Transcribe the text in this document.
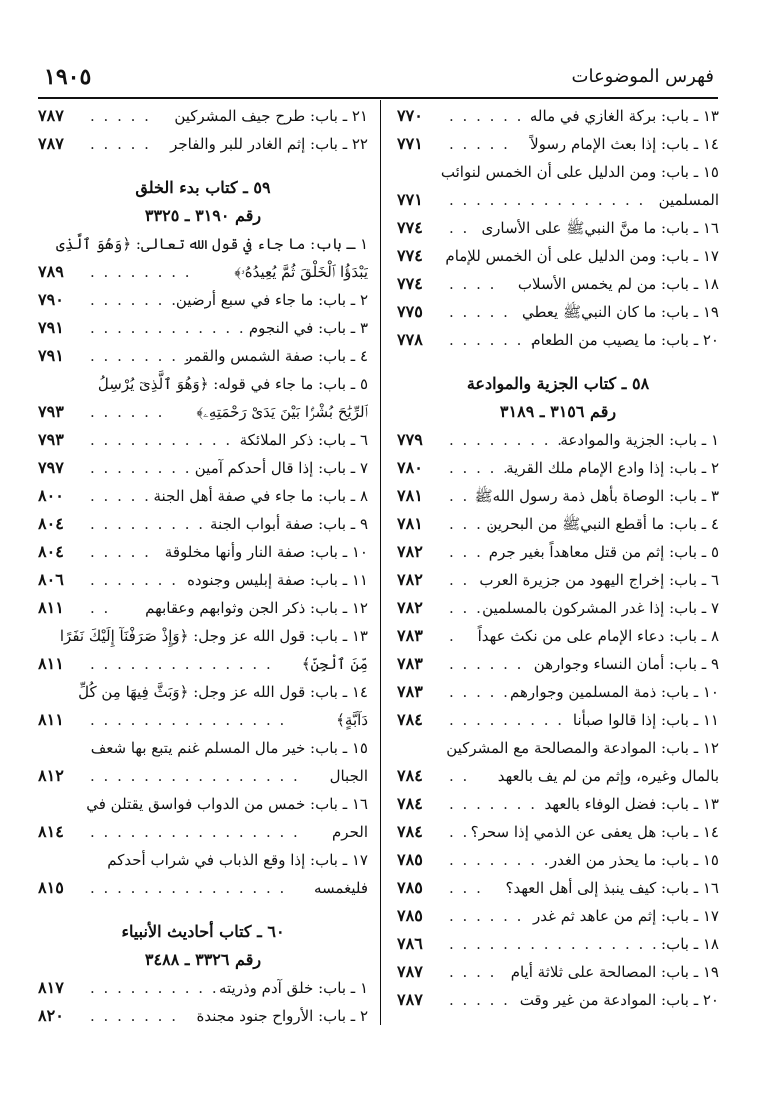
فهرس الموضوعات
١٩٠٥
١٣ ـ باب: بركة الغازي في ماله
. . . . . . .
٧٧٠
١٤ ـ باب: إذا بعث الإمام رسولاً
. . . . .
٧٧١
١٥ ـ باب: ومن الدليل على أن الخمس لنوائب
المسلمين
. . . . . . . . . . . . . . .
٧٧١
١٦ ـ باب: ما منَّ النبيﷺ على الأسارى
. .
٧٧٤
١٧ ـ باب: ومن الدليل على أن الخمس للإمام
٧٧٤
١٨ ـ باب: من لم يخمس الأسلاب
. . . .
٧٧٤
١٩ ـ باب: ما كان النبيﷺ يعطي
. . . . .
٧٧٥
٢٠ ـ باب: ما يصيب من الطعام
. . . . . . .
٧٧٨
٥٨ ـ كتاب الجزية والموادعة
رقم ٣١٥٦ ـ ٣١٨٩
١ ـ باب: الجزية والموادعة
. . . . . . . . .
٧٧٩
٢ ـ باب: إذا وادع الإمام ملك القرية
. . . . .
٧٨٠
٣ ـ باب: الوصاة بأهل ذمة رسول اللهﷺ
. . .
٧٨١
٤ ـ باب: ما أقطع النبيﷺ من البحرين
. . . .
٧٨١
٥ ـ باب: إثم من قتل معاهداً بغير جرم
. . .
٧٨٢
٦ ـ باب: إخراج اليهود من جزيرة العرب
. .
٧٨٢
٧ ـ باب: إذا غدر المشركون بالمسلمين
. . .
٧٨٢
٨ ـ باب: دعاء الإمام على من نكث عهداً
.
٧٨٣
٩ ـ باب: أمان النساء وجوارهن
. . . . . .
٧٨٣
١٠ ـ باب: ذمة المسلمين وجوارهم
. . . . .
٧٨٣
١١ ـ باب: إذا قالوا صبأنا
. . . . . . . . .
٧٨٤
١٢ ـ باب: الموادعة والمصالحة مع المشركين
بالمال وغيره، وإثم من لم يف بالعهد
. .
٧٨٤
١٣ ـ باب: فضل الوفاء بالعهد
. . . . . . .
٧٨٤
١٤ ـ باب: هل يعفى عن الذمي إذا سحر؟
. .
٧٨٤
١٥ ـ باب: ما يحذر من الغدر
. . . . . . . .
٧٨٥
١٦ ـ باب: كيف ينبذ إلى أهل العهد؟
. . .
٧٨٥
١٧ ـ باب: إثم من عاهد ثم غدر
. . . . . .
٧٨٥
١٨ ـ باب:
. . . . . . . . . . . . . . . .
٧٨٦
١٩ ـ باب: المصالحة على ثلاثة أيام
. . . .
٧٨٧
٢٠ ـ باب: الموادعة من غير وقت
. . . . .
٧٨٧
٢١ ـ باب: طرح جيف المشركين
. . . . .
٧٨٧
٢٢ ـ باب: إثم الغادر للبر والفاجر
. . . . .
٧٨٧
٥٩ ـ كتاب بدء الخلق
رقم ٣١٩٠ ـ ٣٣٢٥
١ ـ باب: ما جاء في قول الله تعالى: ﴿وَهُوَ ٱلَّذِى
يَبْدَؤُا ٱلْخَلْقَ ثُمَّ يُعِيدُهُۥ﴾
. . . . . . . .
٧٨٩
٢ ـ باب: ما جاء في سبع أرضين
. . . . . . .
٧٩٠
٣ ـ باب: في النجوم
. . . . . . . . . . . . .
٧٩١
٤ ـ باب: صفة الشمس والقمر
. . . . . . . .
٧٩١
٥ ـ باب: ما جاء في قوله: ﴿وَهُوَ ٱلَّذِىٓ يُرْسِلُ
ٱلرِّيَٰحَ بُشْرًۢا بَيْنَ يَدَىْ رَحْمَتِهِۦ﴾
. . . . . .
٧٩٣
٦ ـ باب: ذكر الملائكة
. . . . . . . . . . .
٧٩٣
٧ ـ باب: إذا قال أحدكم آمين
. . . . . . . .
٧٩٧
٨ ـ باب: ما جاء في صفة أهل الجنة
. . . . .
٨٠٠
٩ ـ باب: صفة أبواب الجنة
. . . . . . . . .
٨٠٤
١٠ ـ باب: صفة النار وأنها مخلوقة
. . . . .
٨٠٤
١١ ـ باب: صفة إبليس وجنوده
. . . . . . .
٨٠٦
١٢ ـ باب: ذكر الجن وثوابهم وعقابهم
. .
٨١١
١٣ ـ باب: قول الله عز وجل: ﴿وَإِذْ صَرَفْنَآ إِلَيْكَ نَفَرًا
مِّنَ ٱلْجِنِّ﴾
. . . . . . . . . . . . . .
٨١١
١٤ ـ باب: قول الله عز وجل: ﴿وَبَثَّ فِيهَا مِن كُلِّ
دَآبَّةٍ﴾
. . . . . . . . . . . . . . .
٨١١
١٥ ـ باب: خير مال المسلم غنم يتبع بها شعف
الجبال
. . . . . . . . . . . . . . . .
٨١٢
١٦ ـ باب: خمس من الدواب فواسق يقتلن في
الحرم
. . . . . . . . . . . . . . . .
٨١٤
١٧ ـ باب: إذا وقع الذباب في شراب أحدكم
فليغمسه
. . . . . . . . . . . . . . .
٨١٥
٦٠ ـ كتاب أحاديث الأنبياء
رقم ٣٣٢٦ ـ ٣٤٨٨
١ ـ باب: خلق آدم وذريته
. . . . . . . . . .
٨١٧
٢ ـ باب: الأرواح جنود مجندة
. . . . . . .
٨٢٠
